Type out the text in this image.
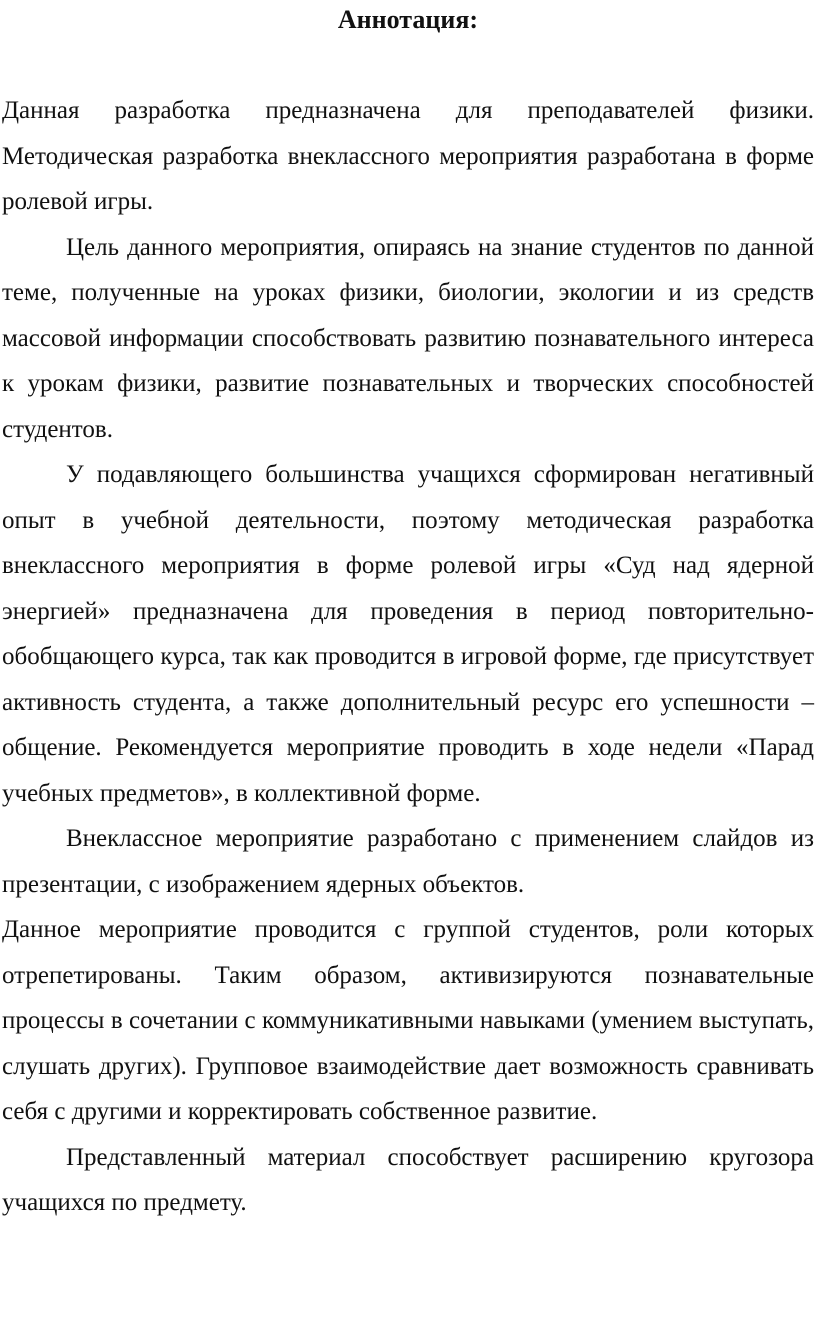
Аннотация:

Данная разработка предназначена для преподавателей физики. Методическая разработка внеклассного мероприятия разработана в форме ролевой игры.

Цель данного мероприятия, опираясь на знание студентов по данной теме, полученные на уроках физики, биологии, экологии и из средств массовой информации способствовать развитию познавательного интереса к урокам физики, развитие познавательных и творческих способностей студентов.

У подавляющего большинства учащихся сформирован негативный опыт в учебной деятельности, поэтому методическая разработка внеклассного мероприятия в форме ролевой игры «Суд над ядерной энергией» предназначена для проведения в период повторительно-обобщающего курса, так как проводится в игровой форме, где присутствует активность студента, а также дополнительный ресурс его успешности – общение. Рекомендуется мероприятие проводить в ходе недели «Парад учебных предметов», в коллективной форме.

Внеклассное мероприятие разработано с применением слайдов из презентации, с изображением ядерных объектов.

Данное мероприятие проводится с группой студентов, роли которых отрепетированы. Таким образом, активизируются познавательные процессы в сочетании с коммуникативными навыками (умением выступать, слушать других). Групповое взаимодействие дает возможность сравнивать себя с другими и корректировать собственное развитие.

Представленный материал способствует расширению кругозора учащихся по предмету.
